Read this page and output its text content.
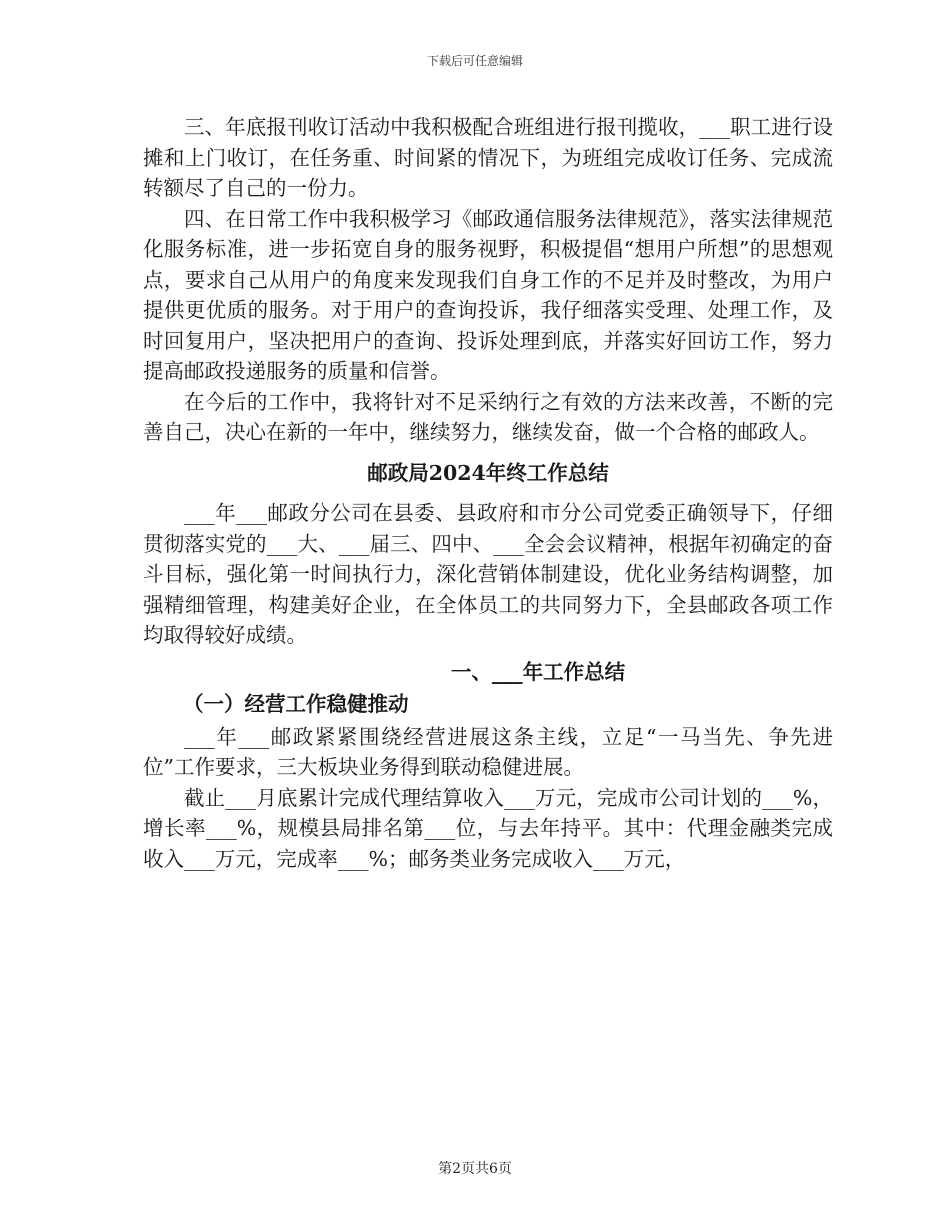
下载后可任意编辑

三、年底报刊收订活动中我积极配合班组进行报刊揽收，___职工进行设摊和上门收订，在任务重、时间紧的情况下，为班组完成收订任务、完成流转额尽了自己的一份力。

四、在日常工作中我积极学习《邮政通信服务法律规范》，落实法律规范化服务标准，进一步拓宽自身的服务视野，积极提倡“想用户所想”的思想观点，要求自己从用户的角度来发现我们自身工作的不足并及时整改，为用户提供更优质的服务。对于用户的查询投诉，我仔细落实受理、处理工作，及时回复用户，坚决把用户的查询、投诉处理到底，并落实好回访工作，努力提高邮政投递服务的质量和信誉。

在今后的工作中，我将针对不足采纳行之有效的方法来改善，不断的完善自己，决心在新的一年中，继续努力，继续发奋，做一个合格的邮政人。

邮政局2024年终工作总结

___年___邮政分公司在县委、县政府和市分公司党委正确领导下，仔细贯彻落实党的___大、___届三、四中、___全会会议精神，根据年初确定的奋斗目标，强化第一时间执行力，深化营销体制建设，优化业务结构调整，加强精细管理，构建美好企业，在全体员工的共同努力下，全县邮政各项工作均取得较好成绩。

一、___年工作总结

（一）经营工作稳健推动

___年___邮政紧紧围绕经营进展这条主线，立足“一马当先、争先进位”工作要求，三大板块业务得到联动稳健进展。

截止___月底累计完成代理结算收入___万元，完成市公司计划的___%，增长率___%，规模县局排名第___位，与去年持平。其中：代理金融类完成收入___万元，完成率___%；邮务类业务完成收入___万元，

第2页共6页
